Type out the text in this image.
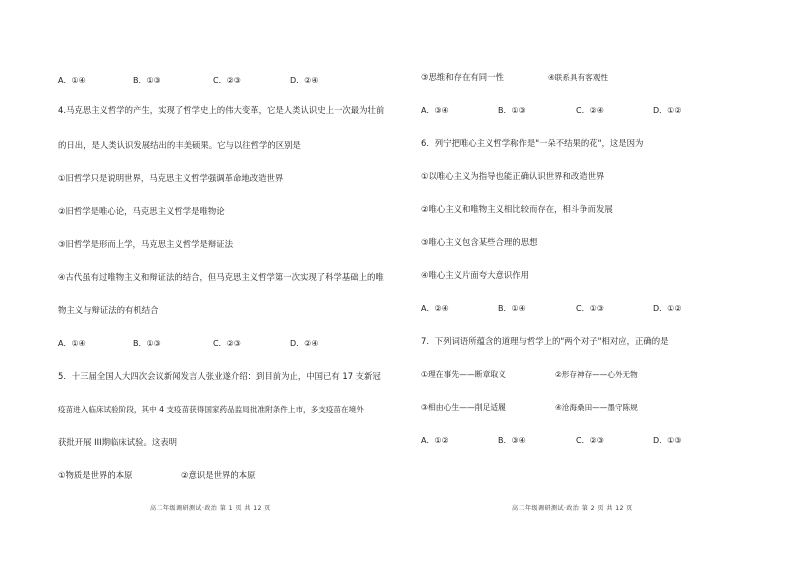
A．①④	B．①③	C．②③	D．②④
4.马克思主义哲学的产生，实现了哲学史上的伟大变革，它是人类认识史上一次最为壮前
的日出，是人类认识发展结出的丰美硕果。它与以往哲学的区别是
①旧哲学只是说明世界，马克思主义哲学强调革命地改造世界
②旧哲学是唯心论，马克思主义哲学是唯物论
③旧哲学是形而上学，马克思主义哲学是辩证法
④古代虽有过唯物主义和辩证法的结合，但马克思主义哲学第一次实现了科学基础上的唯
物主义与辩证法的有机结合
A．①④	B．①③	C．②③	D．②④
5．十三届全国人大四次会议新闻发言人张业遂介绍：到目前为止，中国已有 17 支新冠
疫苗进入临床试验阶段，其中 4 支疫苗获得国家药品监局批准附条件上市，多支疫苗在境外
获批开展 III期临床试验。这表明
①物质是世界的本原	②意识是世界的本原
高二年级调研测试·政治 第 1 页 共 12 页
③思维和存在有同一性	④联系具有客观性
A．③④	B．①③	C．②④	D．①②
6．列宁把唯心主义哲学称作是"一朵不结果的花"，这是因为
①以唯心主义为指导也能正确认识世界和改造世界
②唯心主义和唯物主义相比较而存在，相斗争而发展
③唯心主义包含某些合理的思想
④唯心主义片面夸大意识作用
A．②④	B．①④	C．①③	D．①②
7．下列词语所蕴含的道理与哲学上的"两个对子"相对应，正确的是
①理在事先——断章取义	②形存神存——心外无物
③相由心生——削足适履	④沧海桑田——墨守陈规
A．①②	B．③④	C．②③	D．①③
高二年级调研测试·政治 第 2 页 共 12 页
